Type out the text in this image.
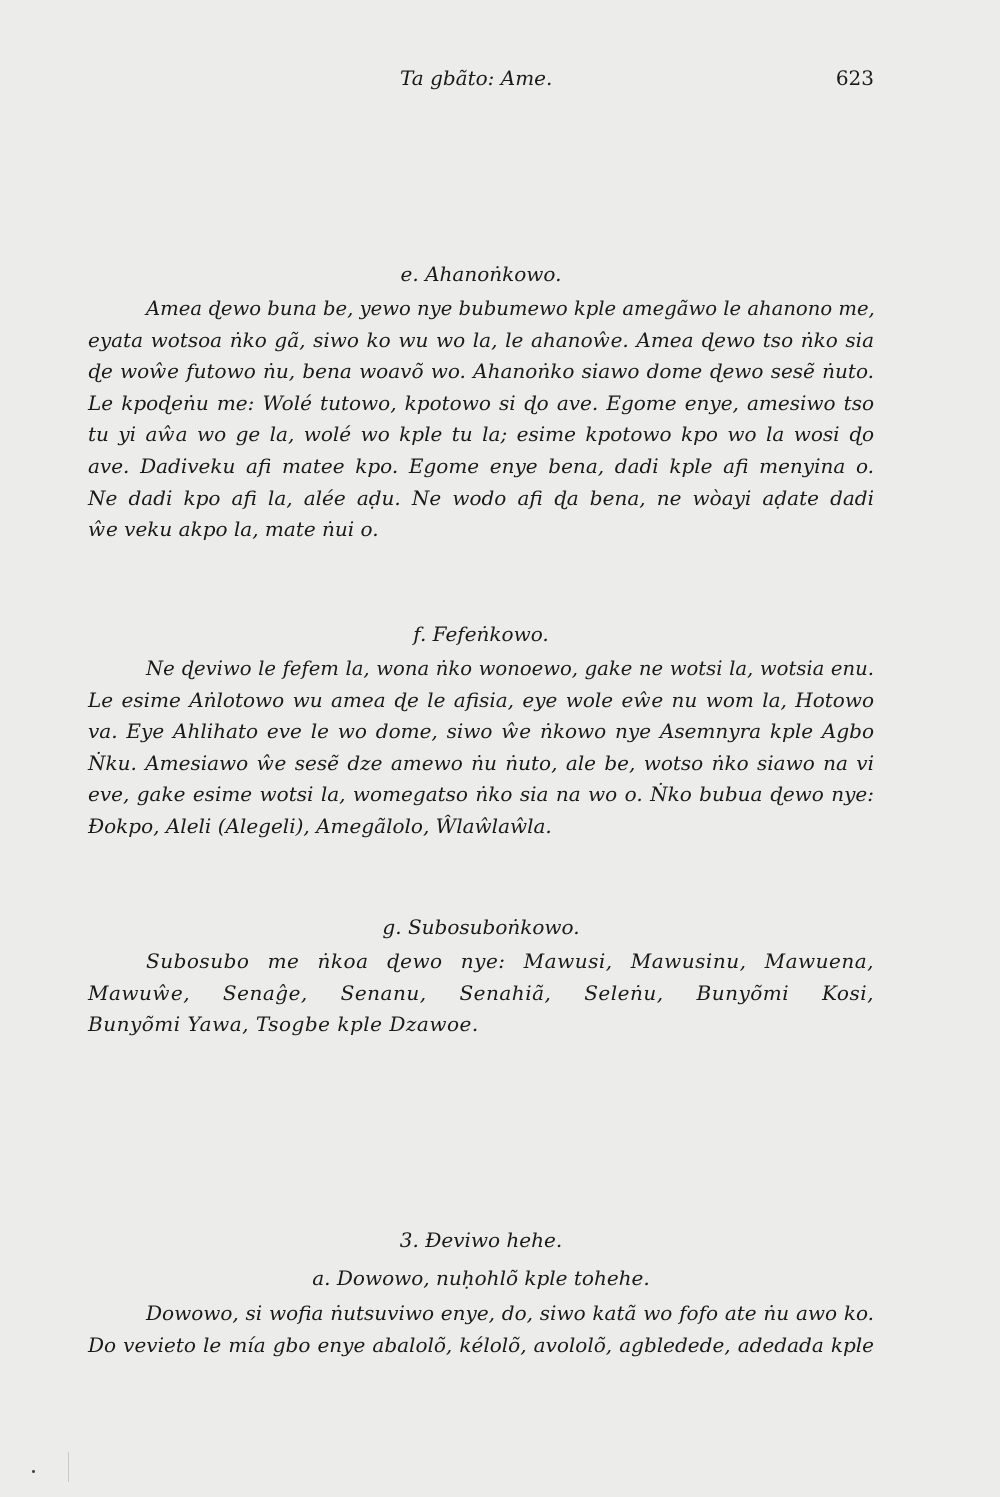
Ta gbãto: Ame.	623
e. Ahanoṅkowo.
Amea ɖewo buna be, yewo nye bubumewo kple amegãwo le ahanono me,
eyata wotsoa ṅko gã, siwo ko wu wo la, le ahanoŵe. Amea ɖewo tso ṅko sia
ɖe woŵe futowo ṅu, bena woavõ wo. Ahanoṅko siawo dome ɖewo sesẽ ṅuto.
Le kpoɖeṅu me: Wolé tutowo, kpotowo si ɖo ave. Egome enye, amesiwo tso
tu yi aŵa wo ge la, wolé wo kple tu la; esime kpotowo kpo wo la wosi ɖo
ave. Dadiveku afi matee kpo. Egome enye bena, dadi kple afi menyina o.
Ne dadi kpo afi la, alée aḍu. Ne wodo afi ɖa bena, ne wòayi aḍate dadi
ŵe veku akpo la, mate ṅui o.
f. Fefeṅkowo.
Ne ɖeviwo le fefem la, wona ṅko wonoewo, gake ne wotsi la, wotsia enu.
Le esime Aṅlotowo wu amea ɖe le afisia, eye wole eŵe nu wom la, Hotowo
va. Eye Ahlihato eve le wo dome, siwo ŵe ṅkowo nye Asemnyra kple Agbo
Ṅku. Amesiawo ŵe sesẽ dze amewo ṅu ṅuto, ale be, wotso ṅko siawo na vi
eve, gake esime wotsi la, womegatso ṅko sia na wo o. Ṅko bubua ɖewo nye:
Ɖokpo, Aleli (Alegeli), Amegãlolo, Ŵlaŵlaŵla.
g. Subosuboṅkowo.
Subosubo me ṅkoa ɖewo nye: Mawusi, Mawusinu, Mawuena,
Mawuŵe, Senaĝe, Senanu, Senahiã, Seleṅu, Bunyõmi Kosi,
Bunyõmi Yawa, Tsogbe kple Dzawoe.
3. Ɖeviwo hehe.
a. Dowowo, nuḥohlõ kple tohehe.
Dowowo, si wofia ṅutsuviwo enye, do, siwo katã wo fofo ate ṅu awo ko.
Do vevieto le mía gbo enye abalolõ, kélolõ, avololõ, agbledede, adedada kple
